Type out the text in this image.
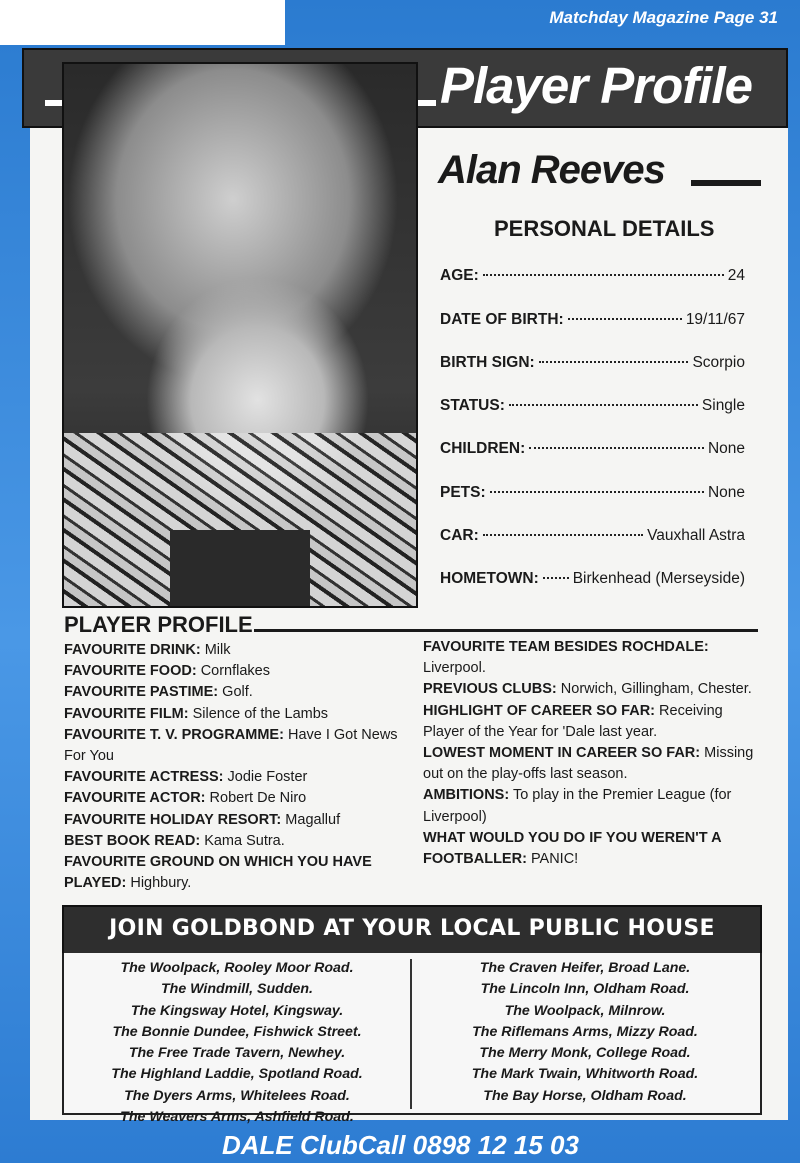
Matchday Magazine Page 31
Player Profile
Alan Reeves
PERSONAL DETAILS
AGE:	24
DATE OF BIRTH:	19/11/67
BIRTH SIGN:	Scorpio
STATUS:	Single
CHILDREN:	None
PETS:	None
CAR:	Vauxhall Astra
HOMETOWN: Birkenhead (Merseyside)
PLAYER PROFILE
FAVOURITE DRINK: Milk
FAVOURITE FOOD: Cornflakes
FAVOURITE PASTIME: Golf.
FAVOURITE FILM: Silence of the Lambs
FAVOURITE T. V. PROGRAMME: Have I Got News For You
FAVOURITE ACTRESS: Jodie Foster
FAVOURITE ACTOR: Robert De Niro
FAVOURITE HOLIDAY RESORT: Magalluf
BEST BOOK READ: Kama Sutra.
FAVOURITE GROUND ON WHICH YOU HAVE PLAYED: Highbury.
FAVOURITE TEAM BESIDES ROCHDALE:
Liverpool.
PREVIOUS CLUBS: Norwich, Gillingham, Chester.
HIGHLIGHT OF CAREER SO FAR: Receiving Player of the Year for 'Dale last year.
LOWEST MOMENT IN CAREER SO FAR: Missing out on the play-offs last season.
AMBITIONS: To play in the Premier League (for Liverpool)
WHAT WOULD YOU DO IF YOU WEREN'T A FOOTBALLER: PANIC!
JOIN GOLDBOND AT YOUR LOCAL PUBLIC HOUSE
The Woolpack, Rooley Moor Road.
The Windmill, Sudden.
The Kingsway Hotel, Kingsway.
The Bonnie Dundee, Fishwick Street.
The Free Trade Tavern, Newhey.
The Highland Laddie, Spotland Road.
The Dyers Arms, Whitelees Road.
The Weavers Arms, Ashfield Road.
The Craven Heifer, Broad Lane.
The Lincoln Inn, Oldham Road.
The Woolpack, Milnrow.
The Riflemans Arms, Mizzy Road.
The Merry Monk, College Road.
The Mark Twain, Whitworth Road.
The Bay Horse, Oldham Road.
DALE ClubCall 0898 12 15 03
